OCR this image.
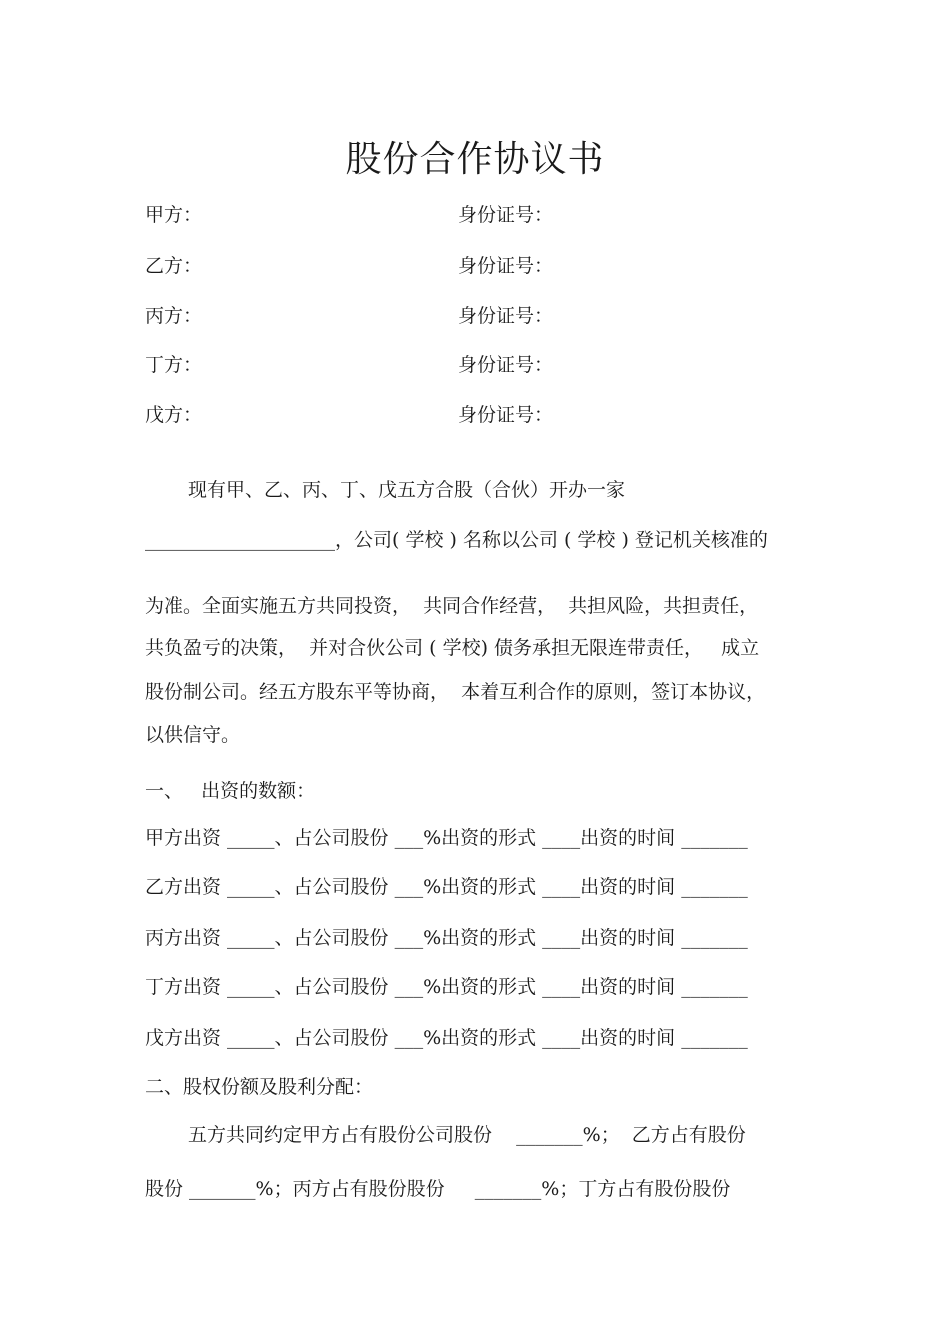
股份合作协议书
甲方：	身份证号：
乙方：	身份证号：
丙方：	身份证号：
丁方：	身份证号：
戊方：	身份证号：
现有甲、乙、丙、丁、戊五方合股（合伙）开办一家
____________________，公司( 学校 ) 名称以公司 ( 学校 ) 登记机关核准的
为准。全面实施五方共同投资，  共同合作经营，  共担风险，共担责任，
共负盈亏的决策，  并对合伙公司 ( 学校) 债务承担无限连带责任，   成立
股份制公司。经五方股东平等协商，  本着互利合作的原则，签订本协议，
以供信守。
一、   出资的数额：
甲方出资 _____、占公司股份 ___%出资的形式 ____出资的时间 _______
乙方出资 _____、占公司股份 ___%出资的形式 ____出资的时间 _______
丙方出资 _____、占公司股份 ___%出资的形式 ____出资的时间 _______
丁方出资 _____、占公司股份 ___%出资的形式 ____出资的时间 _______
戊方出资 _____、占公司股份 ___%出资的形式 ____出资的时间 _______
二、股权份额及股利分配：
五方共同约定甲方占有股份公司股份    _______%；  乙方占有股份
股份 _______%；丙方占有股份股份     _______%；丁方占有股份股份
